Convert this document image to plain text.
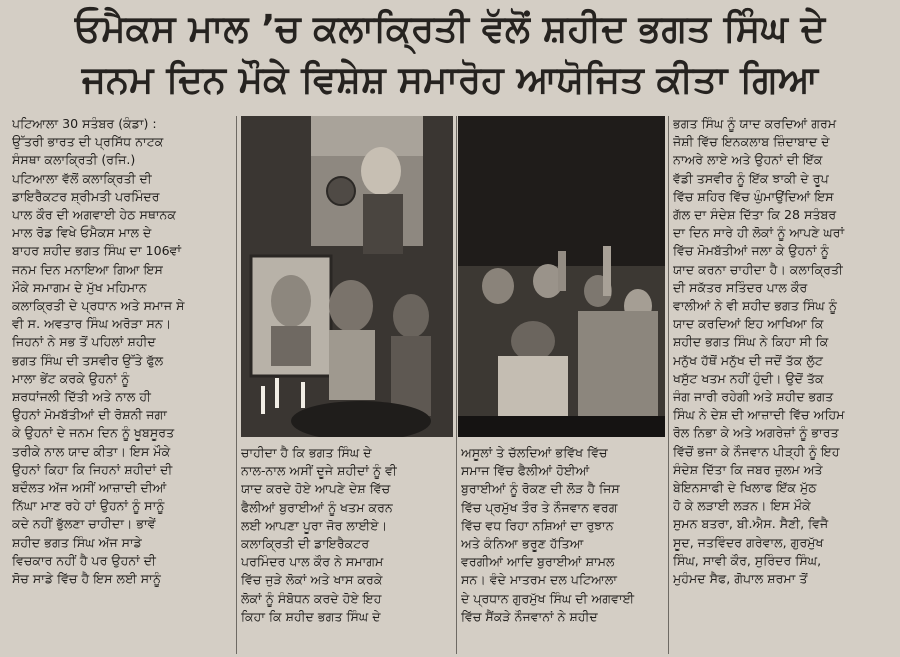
ਓਮੈਕਸ ਮਾਲ ’ਚ ਕਲਾਕ੍ਰਿਤੀ ਵੱਲੋਂ ਸ਼ਹੀਦ ਭਗਤ ਸਿੰਘ ਦੇ
ਜਨਮ ਦਿਨ ਮੌਕੇ ਵਿਸ਼ੇਸ਼ ਸਮਾਰੋਹ ਆਯੋਜਿਤ ਕੀਤਾ ਗਿਆ

ਪਟਿਆਲਾ 30 ਸਤੰਬਰ (ਕੰਡਾ) :

ਉੱਤਰੀ ਭਾਰਤ ਦੀ ਪ੍ਰਸਿੱਧ ਨਾਟਕ

ਸੰਸਥਾ ਕਲਾਕ੍ਰਿਤੀ (ਰਜਿ.)

ਪਟਿਆਲਾ ਵੱਲੋਂ ਕਲਾਕ੍ਰਿਤੀ ਦੀ

ਡਾਇਰੈਕਟਰ ਸ਼੍ਰੀਮਤੀ ਪਰਮਿੰਦਰ

ਪਾਲ ਕੌਰ ਦੀ ਅਗਵਾਈ ਹੇਠ ਸਥਾਨਕ

ਮਾਲ ਰੋਡ ਵਿਖੇ ਓਮੈਕਸ ਮਾਲ ਦੇ

ਬਾਹਰ ਸ਼ਹੀਦ ਭਗਤ ਸਿੰਘ ਦਾ 106ਵਾਂ

ਜਨਮ ਦਿਨ ਮਨਾਇਆ ਗਿਆ ਇਸ

ਮੌਕੇ ਸਮਾਗਮ ਦੇ ਮੁੱਖ ਮਹਿਮਾਨ

ਕਲਾਕ੍ਰਿਤੀ ਦੇ ਪ੍ਰਧਾਨ ਅਤੇ ਸਮਾਜ ਸੇ

ਵੀ ਸ. ਅਵਤਾਰ ਸਿੰਘ ਅਰੋੜਾ ਸਨ।

ਜਿਹਨਾਂ ਨੇ ਸਭ ਤੋਂ ਪਹਿਲਾਂ ਸ਼ਹੀਦ

ਭਗਤ ਸਿੰਘ ਦੀ ਤਸਵੀਰ ਉੱਤੇ ਫੁੱਲ

ਮਾਲਾ ਭੇਂਟ ਕਰਕੇ ਉਹਨਾਂ ਨੂੰ

ਸ਼ਰਧਾਂਜਲੀ ਦਿੱਤੀ ਅਤੇ ਨਾਲ ਹੀ

ਉਹਨਾਂ ਮੋਮਬੱਤੀਆਂ ਦੀ ਰੋਸ਼ਨੀ ਜਗਾ

ਕੇ ਉਹਨਾਂ ਦੇ ਜਨਮ ਦਿਨ ਨੂੰ ਖੂਬਸੂਰਤ

ਤਰੀਕੇ ਨਾਲ ਯਾਦ ਕੀਤਾ। ਇਸ ਮੌਕੇ

ਉਹਨਾਂ ਕਿਹਾ ਕਿ ਜਿਹਨਾਂ ਸ਼ਹੀਦਾਂ ਦੀ

ਬਦੌਲਤ ਅੱਜ ਅਸੀਂ ਆਜ਼ਾਦੀ ਦੀਆਂ

ਨਿੱਘਾ ਮਾਣ ਰਹੇ ਹਾਂ ਉਹਨਾਂ ਨੂੰ ਸਾਨੂੰ

ਕਦੇ ਨਹੀਂ ਭੁੱਲਣਾ ਚਾਹੀਦਾ। ਭਾਵੇਂ

ਸ਼ਹੀਦ ਭਗਤ ਸਿੰਘ ਅੱਜ ਸਾਡੇ

ਵਿਚਕਾਰ ਨਹੀਂ ਹੈ ਪਰ ਉਹਨਾਂ ਦੀ

ਸੋਚ ਸਾਡੇ ਵਿੱਚ ਹੈ ਇਸ ਲਈ ਸਾਨੂੰ

ਚਾਹੀਦਾ ਹੈ ਕਿ ਭਗਤ ਸਿੰਘ ਦੇ

ਨਾਲ-ਨਾਲ ਅਸੀਂ ਦੂਜੇ ਸ਼ਹੀਦਾਂ ਨੂੰ ਵੀ

ਯਾਦ ਕਰਦੇ ਹੋਏ ਆਪਣੇ ਦੇਸ਼ ਵਿੱਚ

ਫੈਲੀਆਂ ਬੁਰਾਈਆਂ ਨੂੰ ਖਤਮ ਕਰਨ

ਲਈ ਆਪਣਾ ਪੂਰਾ ਜੋਰ ਲਾਈਏ।

ਕਲਾਕ੍ਰਿਤੀ ਦੀ ਡਾਇਰੈਕਟਰ

ਪਰਮਿੰਦਰ ਪਾਲ ਕੌਰ ਨੇ ਸਮਾਗਮ

ਵਿੱਚ ਜੁੜੇ ਲੋਕਾਂ ਅਤੇ ਖਾਸ ਕਰਕੇ

ਲੋਕਾਂ ਨੂੰ ਸੰਬੋਧਨ ਕਰਦੇ ਹੋਏ ਇਹ

ਕਿਹਾ ਕਿ ਸ਼ਹੀਦ ਭਗਤ ਸਿੰਘ ਦੇ

ਅਸੂਲਾਂ ਤੇ ਚੱਲਦਿਆਂ ਭਵਿੱਖ ਵਿੱਚ

ਸਮਾਜ ਵਿੱਚ ਫੈਲੀਆਂ ਹੋਈਆਂ

ਬੁਰਾਈਆਂ ਨੂੰ ਰੋਕਣ ਦੀ ਲੋੜ ਹੈ ਜਿਸ

ਵਿੱਚ ਪ੍ਰਮੁੱਖ ਤੌਰ ਤੇ ਨੌਜਵਾਨ ਵਰਗ

ਵਿੱਚ ਵਧ ਰਿਹਾ ਨਸ਼ਿਆਂ ਦਾ ਰੁਝਾਨ

ਅਤੇ ਕੰਨਿਆ ਭਰੂਣ ਹੱਤਿਆ

ਵਰਗੀਆਂ ਆਦਿ ਬੁਰਾਈਆਂ ਸ਼ਾਮਲ

ਸਨ। ਵੰਦੇ ਮਾਤਰਮ ਦਲ ਪਟਿਆਲਾ

ਦੇ ਪ੍ਰਧਾਨ ਗੁਰਮੁੱਖ ਸਿੰਘ ਦੀ ਅਗਵਾਈ

ਵਿੱਚ ਸੈਂਕੜੇ ਨੌਜਵਾਨਾਂ ਨੇ ਸ਼ਹੀਦ

ਭਗਤ ਸਿੰਘ ਨੂੰ ਯਾਦ ਕਰਦਿਆਂ ਗਰਮ

ਜੋਸ਼ੀ ਵਿੱਚ ਇਨਕਲਾਬ ਜ਼ਿੰਦਾਬਾਦ ਦੇ

ਨਾਅਰੇ ਲਾਏ ਅਤੇ ਉਹਨਾਂ ਦੀ ਇੱਕ

ਵੱਡੀ ਤਸਵੀਰ ਨੂੰ ਇੱਕ ਝਾਕੀ ਦੇ ਰੂਪ

ਵਿੱਚ ਸ਼ਹਿਰ ਵਿੱਚ ਘੁੰਮਾਉਂਦਿਆਂ ਇਸ

ਗੱਲ ਦਾ ਸੰਦੇਸ਼ ਦਿੱਤਾ ਕਿ 28 ਸਤੰਬਰ

ਦਾ ਦਿਨ ਸਾਰੇ ਹੀ ਲੋਕਾਂ ਨੂੰ ਆਪਣੇ ਘਰਾਂ

ਵਿੱਚ ਮੋਮਬੱਤੀਆਂ ਜਲਾ ਕੇ ਉਹਨਾਂ ਨੂੰ

ਯਾਦ ਕਰਨਾ ਚਾਹੀਦਾ ਹੈ। ਕਲਾਕ੍ਰਿਤੀ

ਦੀ ਸਕੱਤਰ ਸਤਿੰਦਰ ਪਾਲ ਕੌਰ

ਵਾਲੀਆਂ ਨੇ ਵੀ ਸ਼ਹੀਦ ਭਗਤ ਸਿੰਘ ਨੂੰ

ਯਾਦ ਕਰਦਿਆਂ ਇਹ ਆਖਿਆ ਕਿ

ਸ਼ਹੀਦ ਭਗਤ ਸਿੰਘ ਨੇ ਕਿਹਾ ਸੀ ਕਿ

ਮਨੁੱਖ ਹੱਥੋਂ ਮਨੁੱਖ ਦੀ ਜਦੋਂ ਤੱਕ ਲੁੱਟ

ਖਸੁੱਟ ਖਤਮ ਨਹੀਂ ਹੁੰਦੀ। ਉਦੋਂ ਤੱਕ

ਜੰਗ ਜਾਰੀ ਰਹੇਗੀ ਅਤੇ ਸ਼ਹੀਦ ਭਗਤ

ਸਿੰਘ ਨੇ ਦੇਸ਼ ਦੀ ਆਜ਼ਾਦੀ ਵਿੱਚ ਅਹਿਮ

ਰੋਲ ਨਿਭਾ ਕੇ ਅਤੇ ਅਗਰੇਜ਼ਾਂ ਨੂੰ ਭਾਰਤ

ਵਿੱਚੋਂ ਭਜਾ ਕੇ ਨੌਜਵਾਨ ਪੀੜ੍ਹੀ ਨੂੰ ਇਹ

ਸੰਦੇਸ਼ ਦਿੱਤਾ ਕਿ ਜਬਰ ਜ਼ੁਲਮ ਅਤੇ

ਬੇਇਨਸਾਫੀ ਦੇ ਖਿਲਾਫ ਇੱਕ ਮੁੱਠ

ਹੋ ਕੇ ਲੜਾਈ ਲੜਨ। ਇਸ ਮੌਕੇ

ਸੁਮਨ ਬਤਰਾ, ਬੀ.ਐਸ. ਸੈਣੀ, ਵਿਜੈ

ਸੂਦ, ਜਤਵਿੰਦਰ ਗਰੇਵਾਲ, ਗੁਰਮੁੱਖ

ਸਿੰਘ, ਸਾਵੀ ਕੌਰ, ਸੁਰਿੰਦਰ ਸਿੰਘ,

ਮੁਹੰਮਦ ਸੈਫ, ਗੋਪਾਲ ਸ਼ਰਮਾ ਤੋਂ
